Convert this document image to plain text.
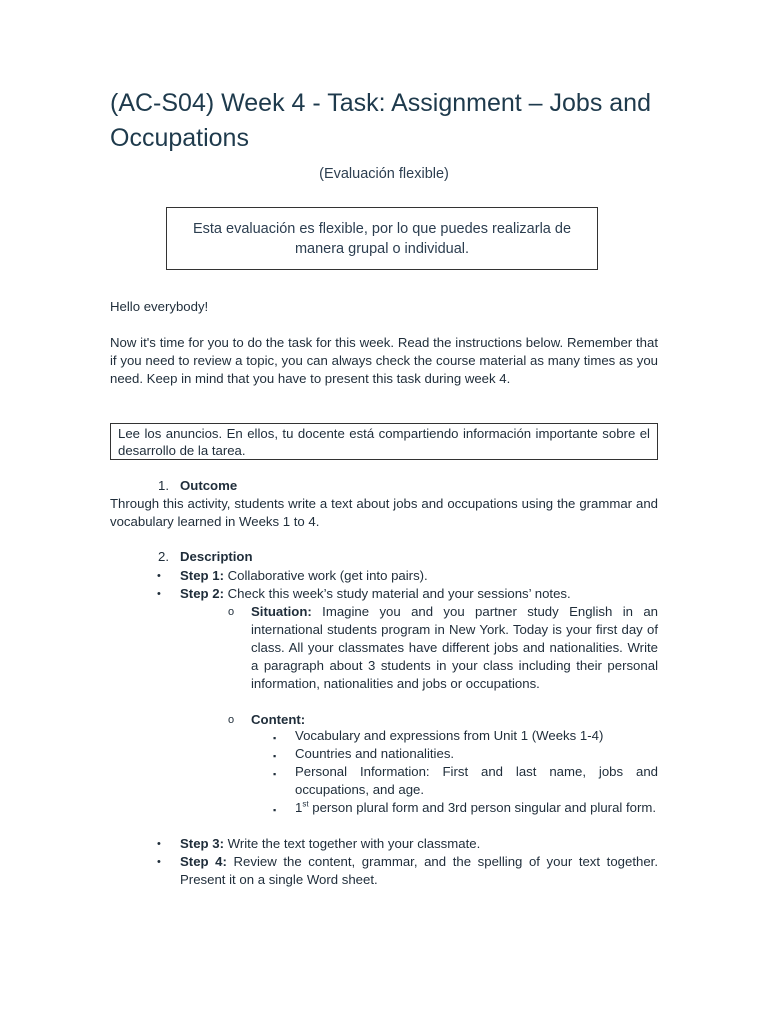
(AC-S04) Week 4 - Task: Assignment – Jobs and Occupations
(Evaluación flexible)
Esta evaluación es flexible, por lo que puedes realizarla de manera grupal o individual.
Hello everybody!
Now it's time for you to do the task for this week. Read the instructions below. Remember that if you need to review a topic, you can always check the course material as many times as you need. Keep in mind that you have to present this task during week 4.
Lee los anuncios. En ellos, tu docente está compartiendo información importante sobre el desarrollo de la tarea.
1. Outcome
Through this activity, students write a text about jobs and occupations using the grammar and vocabulary learned in Weeks 1 to 4.
2. Description
• Step 1: Collaborative work (get into pairs).
• Step 2: Check this week’s study material and your sessions’ notes.
o Situation: Imagine you and you partner study English in an international students program in New York. Today is your first day of class. All your classmates have different jobs and nationalities. Write a paragraph about 3 students in your class including their personal information, nationalities and jobs or occupations.
o Content:
▪ Vocabulary and expressions from Unit 1 (Weeks 1-4)
▪ Countries and nationalities.
▪ Personal Information: First and last name, jobs and occupations, and age.
▪ 1st person plural form and 3rd person singular and plural form.
• Step 3: Write the text together with your classmate.
• Step 4: Review the content, grammar, and the spelling of your text together. Present it on a single Word sheet.
